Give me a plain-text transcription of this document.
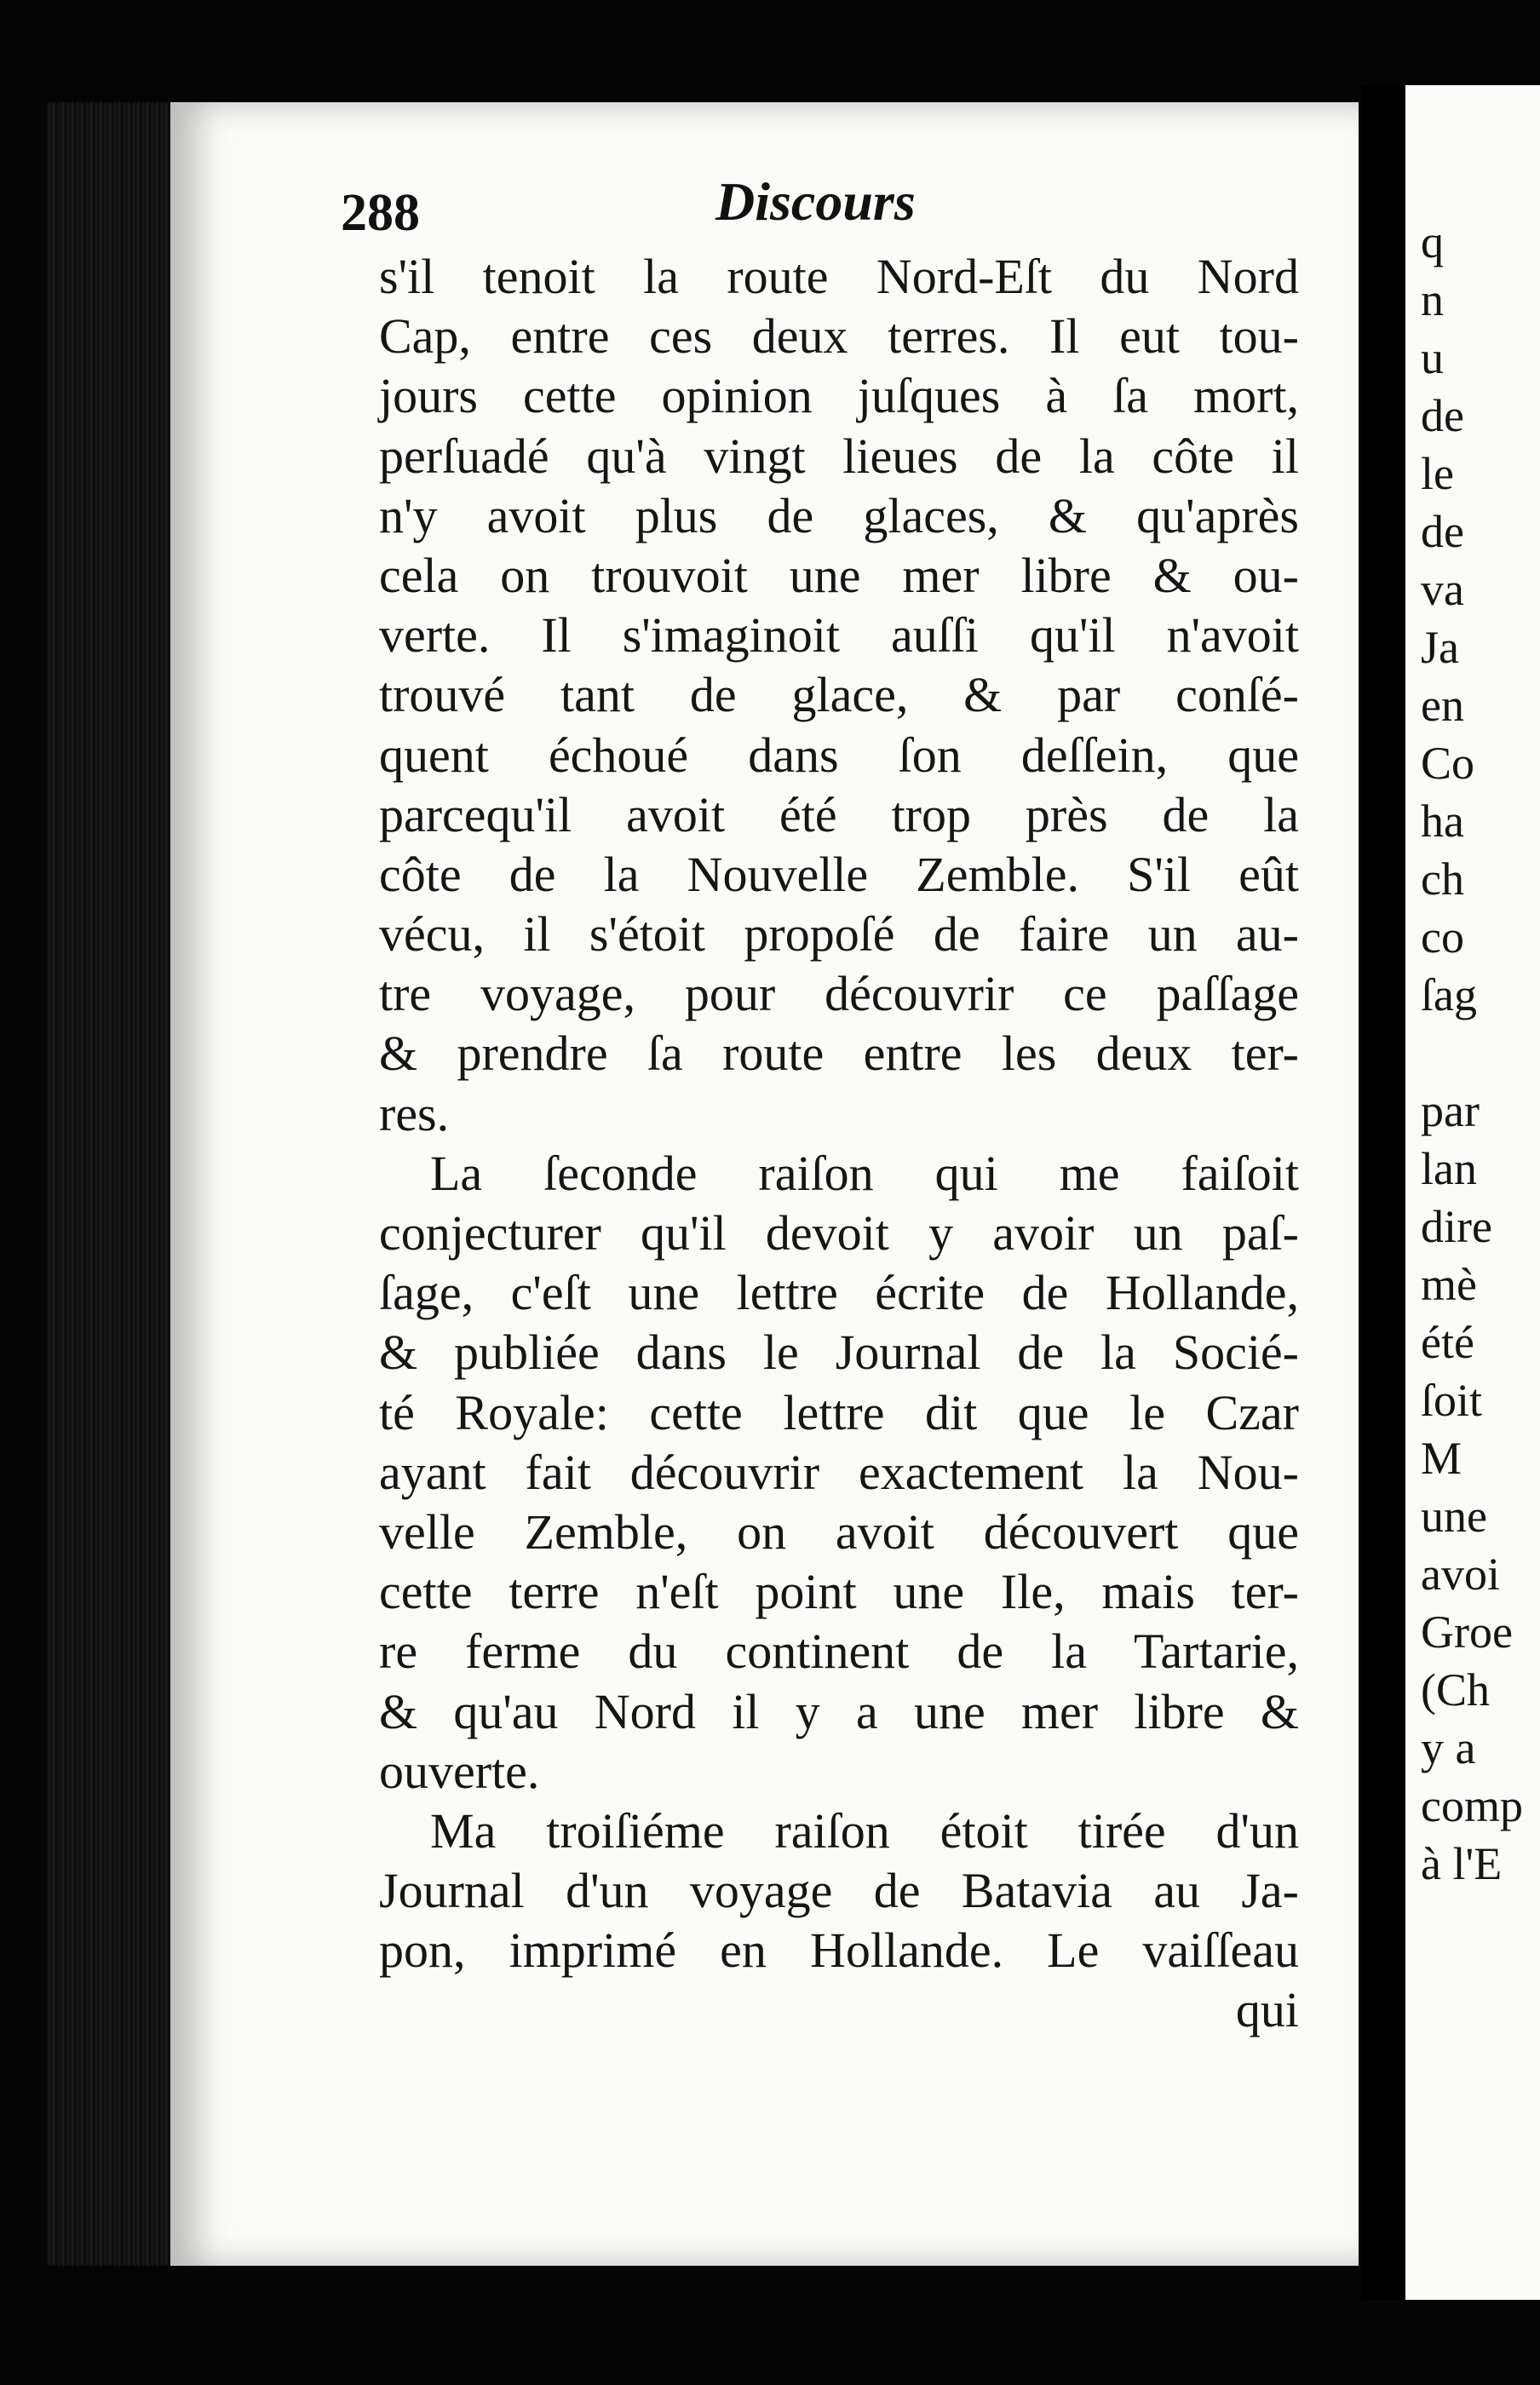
288	Discours
s'il tenoit la route Nord-Eſt du Nord
Cap, entre ces deux terres. Il eut tou-
jours cette opinion juſques à ſa mort,
perſuadé qu'à vingt lieues de la côte il
n'y avoit plus de glaces, & qu'après
cela on trouvoit une mer libre & ou-
verte. Il s'imaginoit auſſi qu'il n'avoit
trouvé tant de glace, & par conſé-
quent échoué dans ſon deſſein, que
parcequ'il avoit été trop près de la
côte de la Nouvelle Zemble. S'il eût
vécu, il s'étoit propoſé de faire un au-
tre voyage, pour découvrir ce paſſage
& prendre ſa route entre les deux ter-
res.
La ſeconde raiſon qui me faiſoit
conjecturer qu'il devoit y avoir un paſ-
ſage, c'eſt une lettre écrite de Hollande,
& publiée dans le Journal de la Socié-
té Royale: cette lettre dit que le Czar
ayant fait découvrir exactement la Nou-
velle Zemble, on avoit découvert que
cette terre n'eſt point une Ile, mais ter-
re ferme du continent de la Tartarie,
& qu'au Nord il y a une mer libre &
ouverte.
Ma troiſiéme raiſon étoit tirée d'un
Journal d'un voyage de Batavia au Ja-
pon, imprimé en Hollande. Le vaiſſeau
qui
q
n
u
de
le
de
va
Ja
en
Co
ha
ch
co
ſag
par
lan
dire
mè
été
ſoit
M
une
avoi
Groe
(Ch
y a
comp
à l'E
